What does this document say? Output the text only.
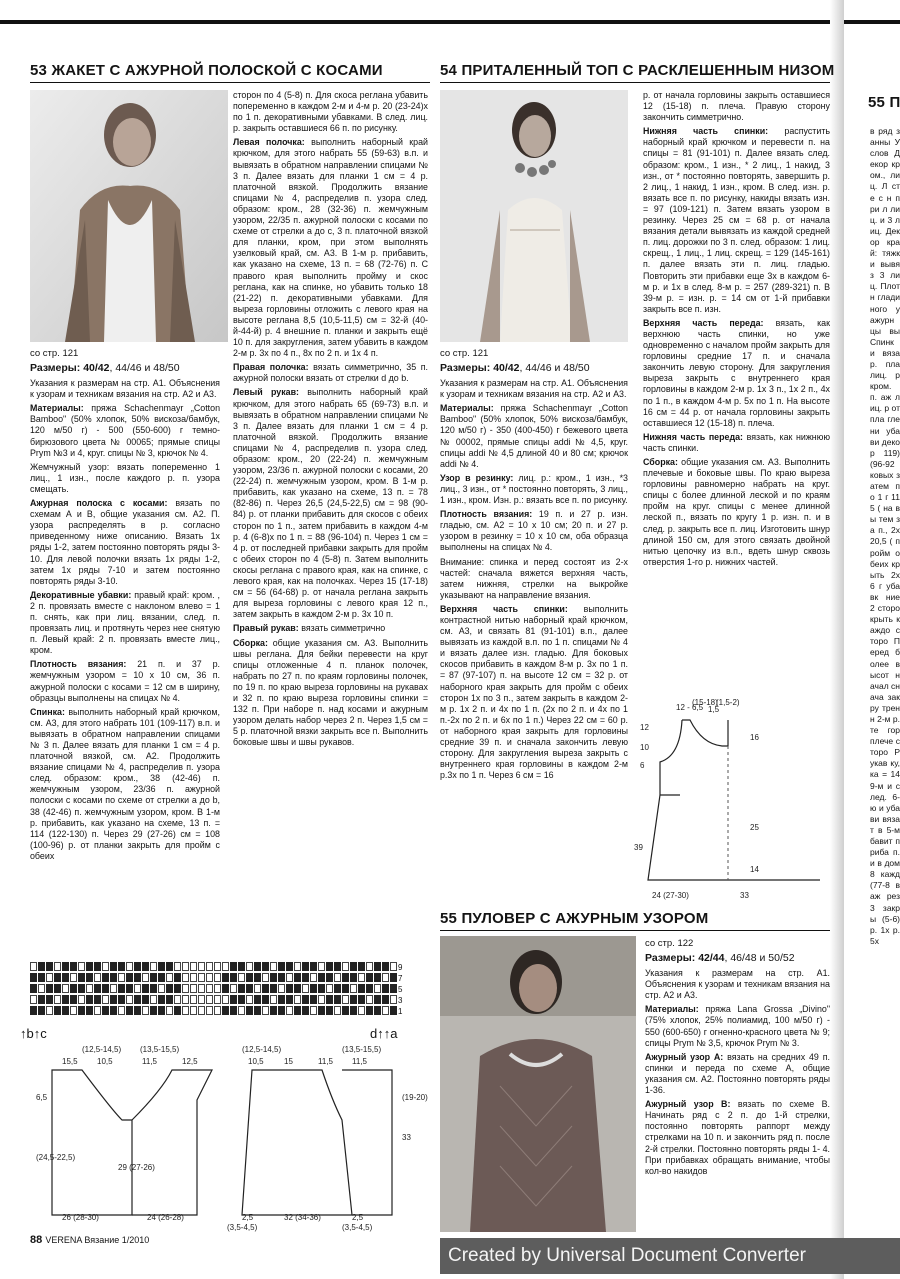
53 ЖАКЕТ С АЖУРНОЙ ПОЛОСКОЙ С КОСАМИ

со стр. 121

Размеры: 40/42, 44/46 и 48/50

Указания к размерам на стр. А1. Объяснения к узорам и техникам вязания на стр. А2 и А3.

Материалы: пряжа Schachenmayr „Cotton Bamboo" (50% хлопок, 50% вискоза/бамбук, 120 м/50 г) - 500 (550-600) г темно-бирюзового цвета № 00065; прямые спицы Prym №3 и 4, круг. спицы № 3, крючок № 4.

Жемчужный узор: вязать попеременно 1 лиц., 1 изн., после каждого р. п. узора смещать.

Ажурная полоска с косами: вязать по схемам А и В, общие указания см. А2. П. узора распределять в р. согласно приведенному ниже описанию. Вязать 1х ряды 1-2, затем постоянно повторять ряды 3-10. Для левой полочки вязать 1х ряды 1-2, затем 1х ряды 7-10 и затем постоянно повторять ряды 3-10.

Декоративные убавки: правый край: кром. , 2 п. провязать вместе с наклоном влево = 1 п. снять, как при лиц. вязании, след. п. провязать лиц. и протянуть через нее снятую п. Левый край: 2 п. провязать вместе лиц., кром.

Плотность вязания: 21 п. и 37 р. жемчужным узором = 10 х 10 см, 36 п. ажурной полоски с косами = 12 см в ширину, образцы выполнены на спицах № 4.

Спинка: выполнить наборный край крючком, см. А3, для этого набрать 101 (109-117) в.п. и вывязать в обратном направлении спицами № 3 п. Далее вязать для планки 1 см = 4 р. платочной вязкой, см. А2. Продолжить вязание спицами № 4, распределив п. узора след. образом: кром., 38 (42-46) п. жемчужным узором, 23/36 п. ажурной полоски с косами по схеме от стрелки а до b, 38 (42-46) п. жемчужным узором, кром. В 1-м р. прибавить, как указано на схеме, 13 п. = 114 (122-130) п. Через 29 (27-26) см = 108 (100-96) р. от планки закрыть для пройм с обеих

сторон по 4 (5-8) п. Для скоса реглана убавить попеременно в каждом 2-м и 4-м р. 20 (23-24)х по 1 п. декоративными убавками. В след. лиц. р. закрыть оставшиеся 66 п. по рисунку.

Левая полочка: выполнить наборный край крючком, для этого набрать 55 (59-63) в.п. и вывязать в обратном направлении спицами № 3 п. Далее вязать для планки 1 см = 4 р. платочной вязкой. Продолжить вязание спицами № 4, распределив п. узора след. образом: кром., 28 (32-36) п. жемчужным узором, 22/35 п. ажурной полоски с косами по схеме от стрелки а до с, 3 п. платочной вязкой для планки, кром, при этом выполнять узелковый край, см. А3. В 1-м р. прибавить, как указано на схеме, 13 п. = 68 (72-76) п. С правого края выполнить пройму и скос реглана, как на спинке, но убавить только 18 (21-22) п. декоративными убавками. Для выреза горловины отложить с левого края на высоте реглана 8,5 (10,5-11,5) см = 32-й (40-й-44-й) р. 4 внешние п. планки и закрыть ещё 10 п. для закругления, затем убавить в каждом 2-м р. 3х по 4 п., 8х по 2 п. и 1х 4 п.

Правая полочка: вязать симметрично, 35 п. ажурной полоски вязать от стрелки d до b.

Левый рукав: выполнить наборный край крючком, для этого набрать 65 (69-73) в.п. и вывязать в обратном направлении спицами № 3 п. Далее вязать для планки 1 см = 4 р. платочной вязкой. Продолжить вязание спицами № 4, распределив п. узора след. образом: кром., 20 (22-24) п. жемчужным узором, 23/36 п. ажурной полоски с косами, 20 (22-24) п. жемчужным узором, кром. В 1-м р. прибавить, как указано на схеме, 13 п. = 78 (82-86) п. Через 26,5 (24,5-22,5) см = 98 (90-84) р. от планки прибавить для скосов с обеих сторон по 1 п., затем прибавить в каждом 4-м р. 4 (6-8)х по 1 п. = 88 (96-104) п. Через 1 см = 4 р. от последней прибавки закрыть для пройм с обеих сторон по 4 (5-8) п. Затем выполнить скосы реглана с правого края, как на спинке, с левого края, как на полочках. Через 15 (17-18) см = 56 (64-68) р. от начала реглана закрыть для выреза горловины с левого края 12 п., затем закрыть в каждом 2-м р. 3х 10 п.

Правый рукав: вязать симметрично

Сборка: общие указания см. А3. Выполнить швы реглана. Для бейки перевести на круг спицы отложенные 4 п. планок полочек, набрать по 27 п. по краям горловины полочек, по 19 п. по краю выреза горловины на рукавах и 32 п. по краю выреза горловины спинки = 132 п. При наборе п. над косами и ажурным узором делать набор через 2 п. Через 1,5 см = 5 р. платочной вязки закрыть все п. Выполнить боковые швы и швы рукавов.

54 ПРИТАЛЕННЫЙ ТОП С РАСКЛЕШЕННЫМ НИЗОМ

со стр. 121

Размеры: 40/42, 44/46 и 48/50

Указания к размерам на стр. А1. Объяснения к узорам и техникам вязания на стр. А2 и А3.

Материалы: пряжа Schachenmayr „Cotton Bamboo" (50% хлопок, 50% вискоза/бамбук, 120 м/50 г) - 350 (400-450) г бежевого цвета № 00002, прямые спицы addi № 4,5, круг. спицы addi № 4,5 длиной 40 и 80 см; крючок addi № 4.

Узор в резинку: лиц. р.: кром., 1 изн., *3 лиц., 3 изн., от * постоянно повторять, 3 лиц., 1 изн., кром. Изн. р.: вязать все п. по рисунку.

Плотность вязания: 19 п. и 27 р. изн. гладью, см. А2 = 10 х 10 см; 20 п. и 27 р. узором в резинку = 10 х 10 см, оба образца выполнены на спицах № 4.

Внимание: спинка и перед состоят из 2-х частей: сначала вяжется верхняя часть, затем нижняя, стрелки на выкройке указывают на направление вязания.

Верхняя часть спинки: выполнить контрастной нитью наборный край крючком, см. А3, и связать 81 (91-101) в.п., далее вывязать из каждой в.п. по 1 п. спицами № 4 и вязать далее изн. гладью. Для боковых скосов прибавить в каждом 8-м р. 3х по 1 п. = 87 (97-107) п. на высоте 12 см = 32 р. от наборного края закрыть для пройм с обеих сторон 1х по 3 п., затем закрыть в каждом 2-м р. 1х 2 п. и 4х по 1 п. (2х по 2 п. и 4х по 1 п.-2х по 2 п. и 6х по 1 п.) Через 22 см = 60 р. от наборного края закрыть для горловины средние 39 п. и сначала закончить левую сторону. Для закругления выреза закрыть с внутреннего края горловины в каждом 2-м р.3х по 1 п. Через 6 см = 16

р. от начала горловины закрыть оставшиеся 12 (15-18) п. плеча. Правую сторону закончить симметрично.

Нижняя часть спинки: распустить наборный край крючком и перевести п. на спицы = 81 (91-101) п. Далее вязать след. образом: кром., 1 изн., * 2 лиц., 1 накид, 3 изн., от * постоянно повторять, завершить р. 2 лиц., 1 накид, 1 изн., кром. В след. изн. р. вязать все п. по рисунку, накиды вязать изн. = 97 (109-121) п. Затем вязать узором в резинку. Через 25 см = 68 р. от начала вязания детали вывязать из каждой средней п. лиц. дорожки по 3 п. след. образом: 1 лиц. скрещ., 1 лиц., 1 лиц. скрещ. = 129 (145-161) п. далее вязать эти п. лиц. гладью. Повторить эти прибавки еще 3х в каждом 6-м р. и 1х в след. 8-м р. = 257 (289-321) п. В 39-м р. = изн. р. = 14 см от 1-й прибавки закрыть все п. изн.

Верхняя часть переда: вязать, как верхнюю часть спинки, но уже одновременно с началом пройм закрыть для горловины средние 17 п. и сначала закончить левую сторону. Для закругления выреза закрыть с внутреннего края горловины в каждом 2-м р. 1х 3 п., 1х 2 п., 4х по 1 п., в каждом 4-м р. 5х по 1 п. На высоте 16 см = 44 р. от начала горловины закрыть оставшиеся 12 (15-18) п. плеча.

Нижняя часть переда: вязать, как нижнюю часть спинки.

Сборка: общие указания см. А3. Выполнить плечевые и боковые швы. По краю выреза горловины равномерно набрать на круг. спицы с более длинной леской и по краям пройм на круг. спицы с менее длинной леской п., вязать по кругу 1 р. изн. п. и в след. р. закрыть все п. лиц. Изготовить шнур длиной 150 см, для этого связать двойной нитью цепочку из в.п., вдеть шнур сквозь отверстия 1-го р. нижних частей.

1,5
12 - 6,5
(15-18)
(1,5-2)
16
12
10
6
25
14
39
24 (27-30)	33
55 ПУЛОВЕР С АЖУРНЫМ УЗОРОМ

со стр. 122

Размеры: 42/44, 46/48 и 50/52

Указания к размерам на стр. А1. Объяснения к узорам и техникам вязания на стр. А2 и А3.

Материалы: пряжа Lana Grossa „Divino" (75% хлопок, 25% полиамид, 100 м/50 г) - 550 (600-650) г огненно-красного цвета № 9; спицы Prym № 3,5, крючок Prym № 3.

Ажурный узор А: вязать на средних 49 п. спинки и переда по схеме А, общие указания см. А2. Постоянно повторять ряды 1-36.

Ажурный узор В: вязать по схеме В. Начинать ряд с 2 п. до 1-й стрелки, постоянно повторять раппорт между стрелками на 10 п. и закончить ряд п. после 2-й стрелки. Постоянно повторять ряды 1- 4. При прибавках обращать внимание, чтобы кол-во накидов

55 П
в ряд занны Услов Декор кром., лиц. Л сте с н при л лиц. и 3 лиц. Декор край: тяжки вывяз 3 лиц. Плотн глади ного у ажурн цы вы Спинк и вяза р. пла лиц. р кром. п. аж лиц. р от пла глени убави декор 119) (96-92 ковых затем по 1 г 115 ( на вы тем за п., 2х 20,5 ( пройм обеих крыть 2х 6 г убавк ние 2 сторо крыть каждо сторо Перед более высот начал снача закру тренн 2-м р. те гор плече сторо Рукав ку, ка = 14 9-м и след. 6-ю и убави вязат в 5-м бавит приба п. и в дом 8 кажд (77-8 в аж рез 3 закры (5-6) р. 1х р. 5х
9
7
5
3
1
↑b↑c	d↑↑a
(12,5-14,5)
15,5 10,5
(13,5-15,5)
11,5	12,5
(12,5-14,5)
10,5	15	11,5
(13,5-15,5)
11,5
6,5
(24,5-22,5)
26 (28-30)	24 (26-28)	2,5
(3,5-4,5)
32 (34-36)	2,5
(3,5-4,5)
29 (27-26)
33
(19-20)
88 VERENA Вязание 1/2010
Created by Universal Document Converter
